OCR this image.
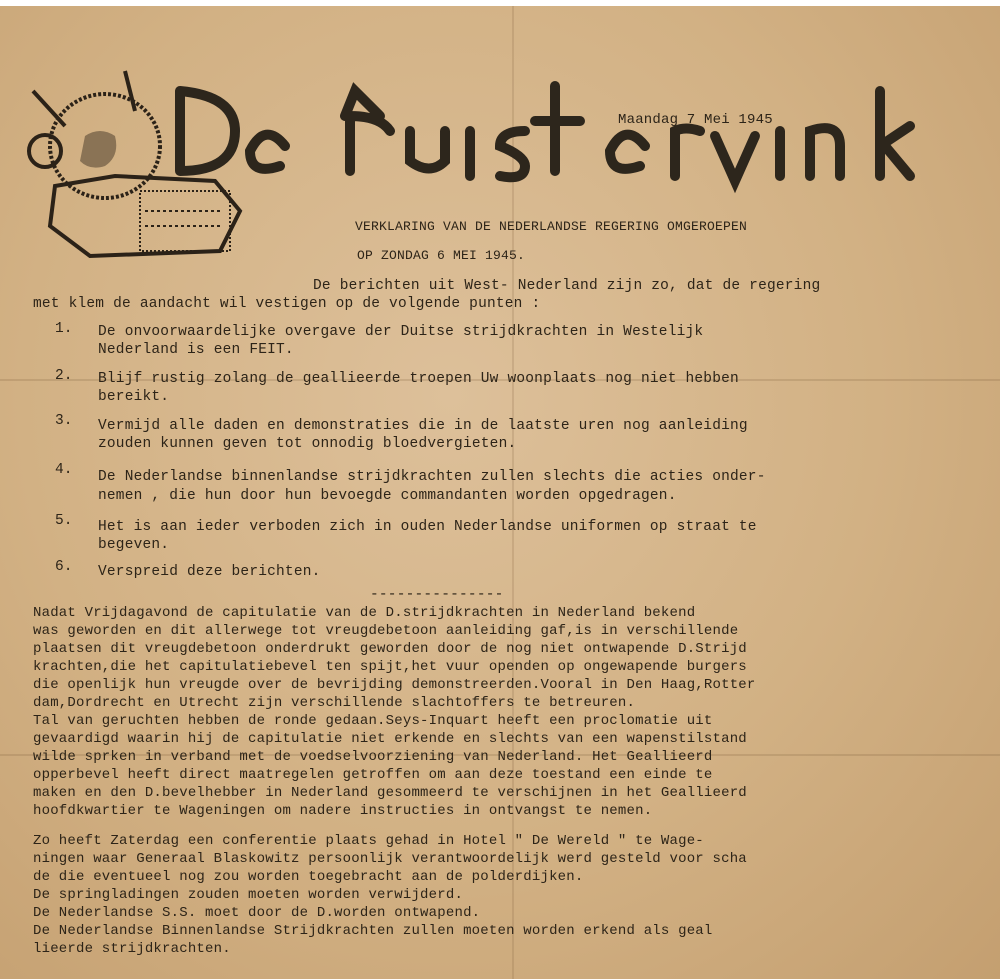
Maandag 7 Mei 1945
VERKLARING VAN DE NEDERLANDSE REGERING OMGEROEPEN
OP ZONDAG 6 MEI 1945.
De berichten uit West- Nederland zijn zo, dat de regering
met klem de aandacht wil vestigen op de volgende punten :
1. De onvoorwaardelijke overgave der Duitse strijdkrachten in Westelijk
Nederland is een FEIT.
2. Blijf rustig zolang de geallieerde troepen Uw woonplaats nog niet hebben
bereikt.
3. Vermijd alle daden en demonstraties die in de laatste uren nog aanleiding
zouden kunnen geven tot onnodig bloedvergieten.
4. De Nederlandse binnenlandse strijdkrachten zullen slechts die acties onder-
nemen , die hun door hun bevoegde commandanten worden opgedragen.
5. Het is aan ieder verboden zich in ouden Nederlandse uniformen op straat te
begeven.
6. Verspreid deze berichten.
---------------
Nadat Vrijdagavond de capitulatie van de D.strijdkrachten in Nederland bekend
was geworden en dit allerwege tot vreugdebetoon aanleiding gaf,is in verschillende
plaatsen dit vreugdebetoon onderdrukt geworden door de nog niet ontwapende D.Strijd
krachten,die het capitulatiebevel ten spijt,het vuur openden op ongewapende burgers
die openlijk hun vreugde over de bevrijding demonstreerden.Vooral in Den Haag,Rotter
dam,Dordrecht en Utrecht zijn verschillende slachtoffers te betreuren.
Tal van geruchten hebben de ronde gedaan.Seys-Inquart heeft een proclomatie uit
gevaardigd waarin hij de capitulatie niet erkende en slechts van een wapenstilstand
wilde sprken in verband met de voedselvoorziening van Nederland. Het Geallieerd
opperbevel heeft direct maatregelen getroffen om aan deze toestand een einde te
maken en den D.bevelhebber in Nederland gesommeerd te verschijnen in het Geallieerd
hoofdkwartier te Wageningen om nadere instructies in ontvangst te nemen.
Zo heeft Zaterdag een conferentie plaats gehad in Hotel " De Wereld " te Wage-
ningen waar Generaal Blaskowitz persoonlijk verantwoordelijk werd gesteld voor scha
de die eventueel nog zou worden toegebracht aan de polderdijken.
De springladingen zouden moeten worden verwijderd.
De Nederlandse S.S. moet door de D.worden ontwapend.
De Nederlandse Binnenlandse Strijdkrachten zullen moeten worden erkend als geal
lieerde strijdkrachten.
